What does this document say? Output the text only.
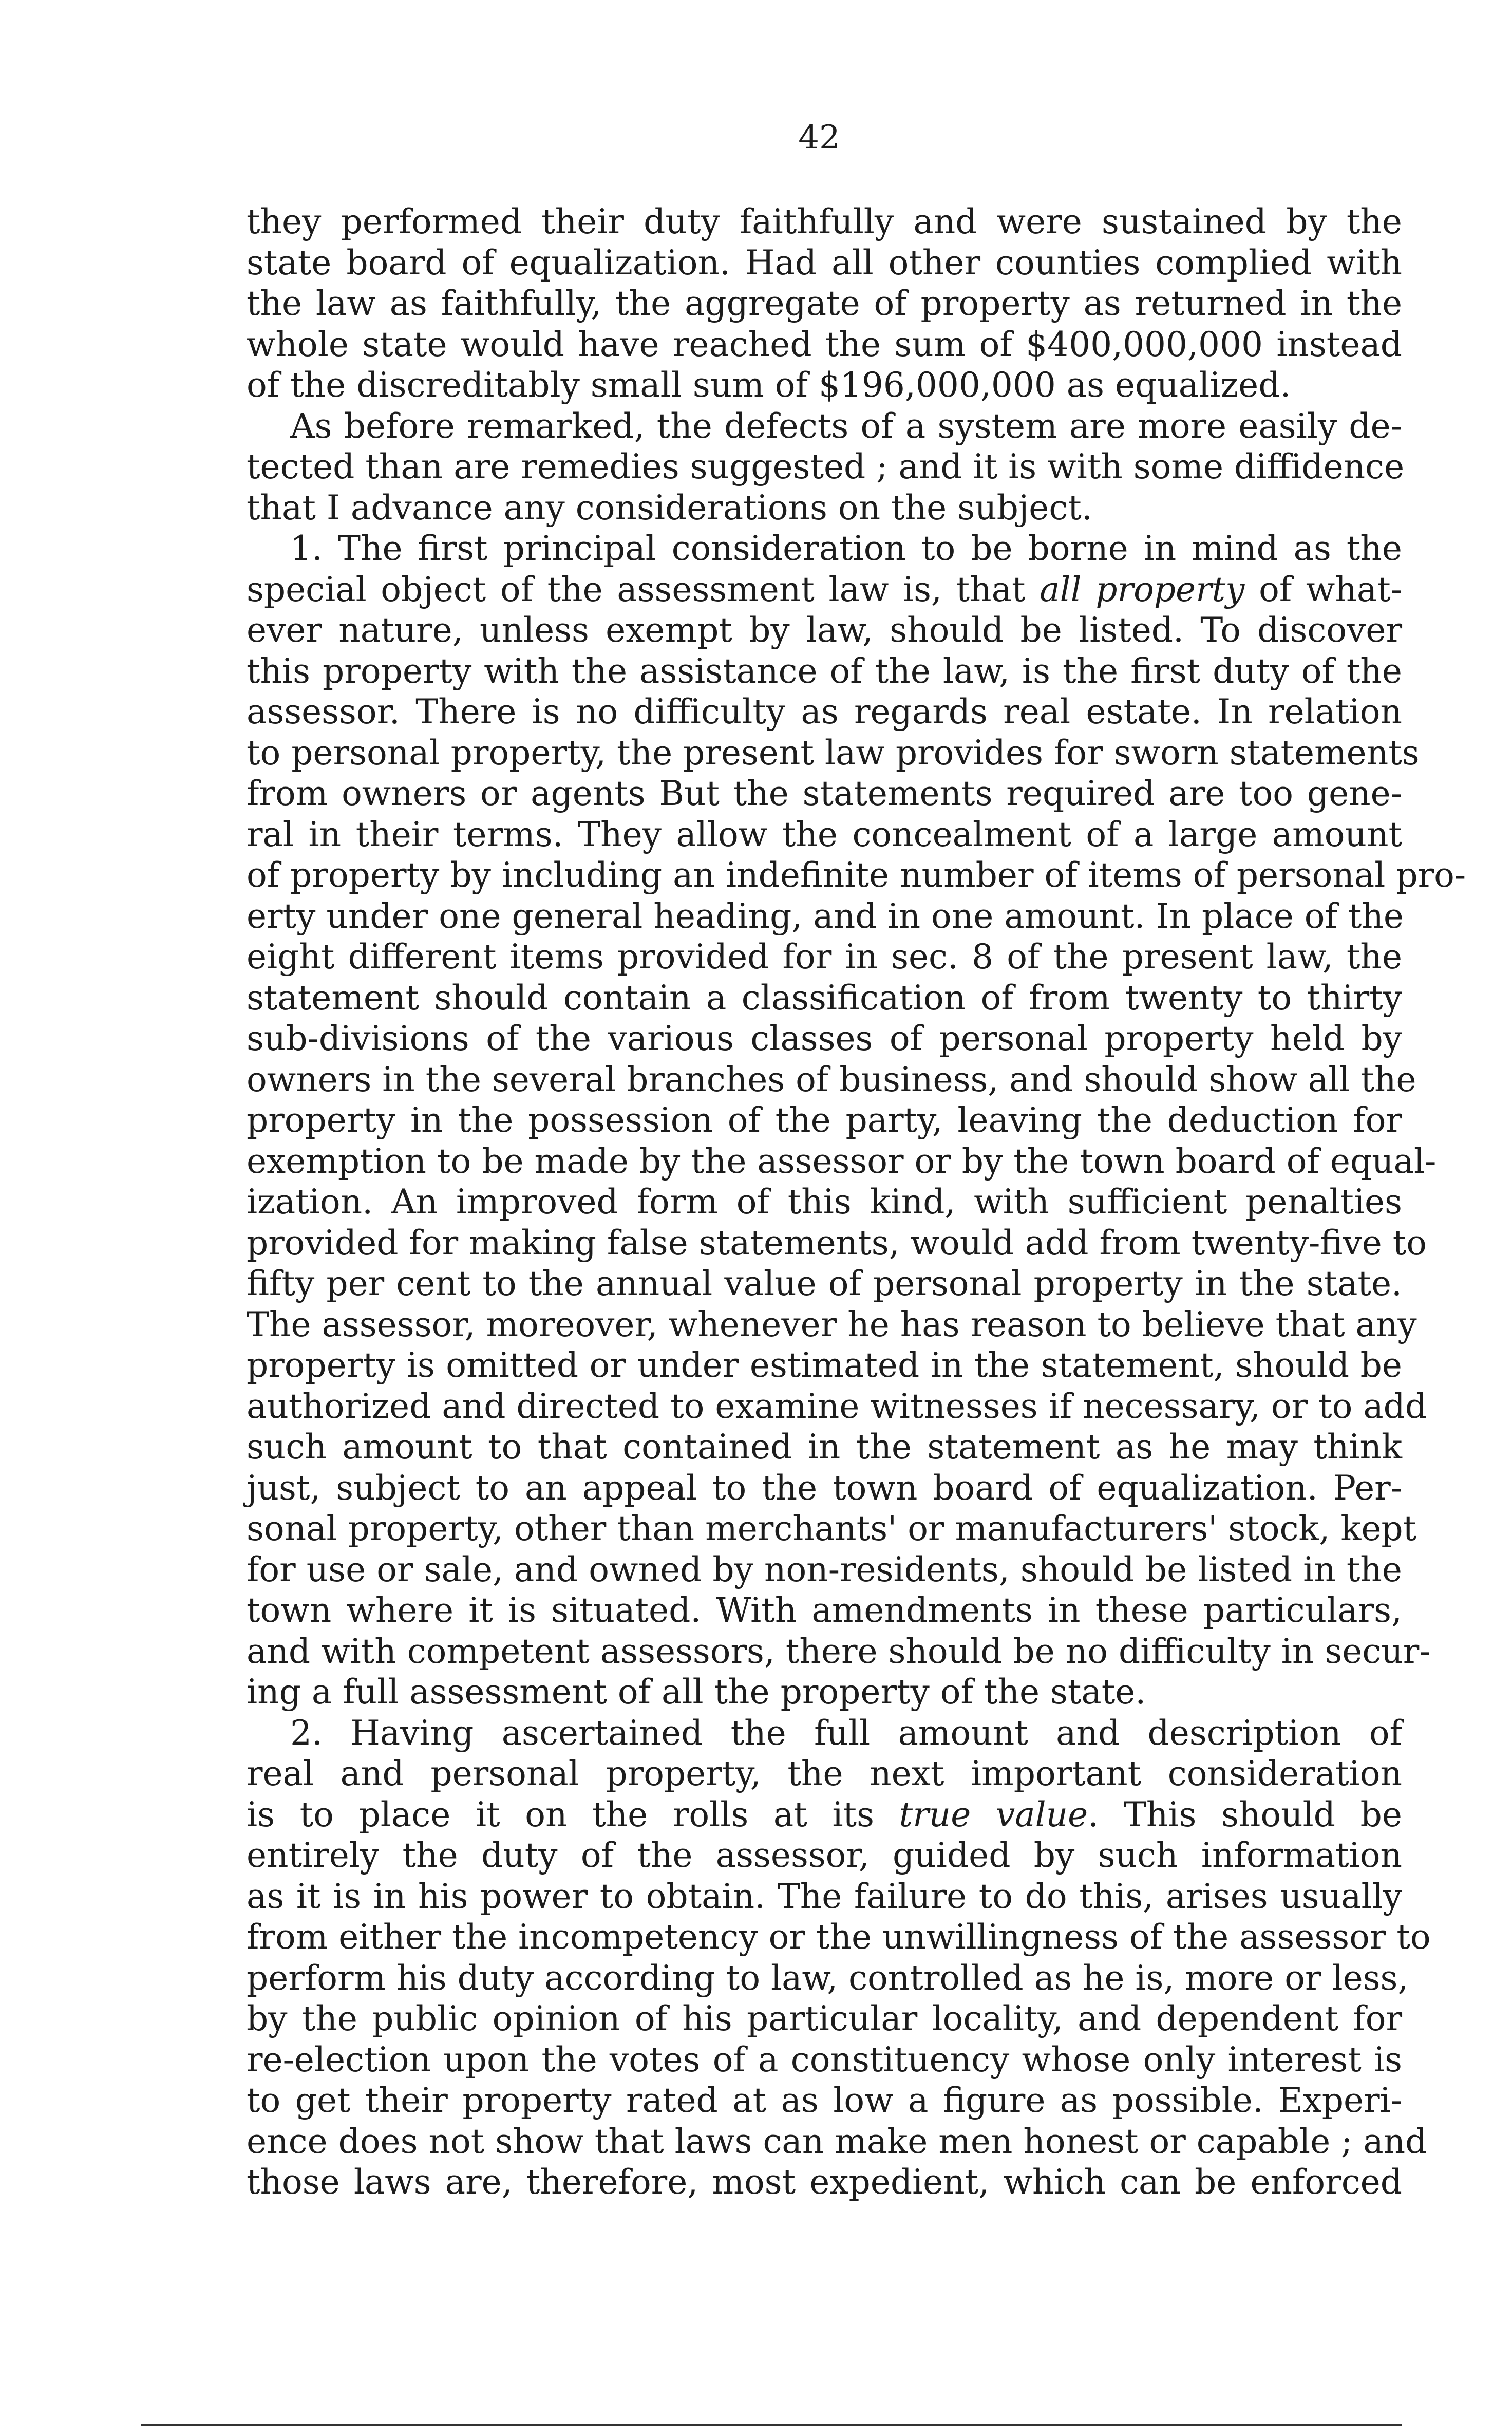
42
they performed their duty faithfully and were sustained by the
state board of equalization. Had all other counties complied with
the law as faithfully, the aggregate of property as returned in the
whole state would have reached the sum of $400,000,000 instead
of the discreditably small sum of $196,000,000 as equalized.
As before remarked, the defects of a system are more easily de-
tected than are remedies suggested ; and it is with some diffidence
that I advance any considerations on the subject.
1. The first principal consideration to be borne in mind as the
special object of the assessment law is, that all property of what-
ever nature, unless exempt by law, should be listed. To discover
this property with the assistance of the law, is the first duty of the
assessor. There is no difficulty as regards real estate. In relation
to personal property, the present law provides for sworn statements
from owners or agents But the statements required are too gene-
ral in their terms. They allow the concealment of a large amount
of property by including an indefinite number of items of personal pro-
erty under one general heading, and in one amount. In place of the
eight different items provided for in sec. 8 of the present law, the
statement should contain a classification of from twenty to thirty
sub-divisions of the various classes of personal property held by
owners in the several branches of business, and should show all the
property in the possession of the party, leaving the deduction for
exemption to be made by the assessor or by the town board of equal-
ization. An improved form of this kind, with sufficient penalties
provided for making false statements, would add from twenty-five to
fifty per cent to the annual value of personal property in the state.
The assessor, moreover, whenever he has reason to believe that any
property is omitted or under estimated in the statement, should be
authorized and directed to examine witnesses if necessary, or to add
such amount to that contained in the statement as he may think
just, subject to an appeal to the town board of equalization. Per-
sonal property, other than merchants' or manufacturers' stock, kept
for use or sale, and owned by non-residents, should be listed in the
town where it is situated. With amendments in these particulars,
and with competent assessors, there should be no difficulty in secur-
ing a full assessment of all the property of the state.
2. Having ascertained the full amount and description of
real and personal property, the next important consideration
is to place it on the rolls at its true value. This should be
entirely the duty of the assessor, guided by such information
as it is in his power to obtain. The failure to do this, arises usually
from either the incompetency or the unwillingness of the assessor to
perform his duty according to law, controlled as he is, more or less,
by the public opinion of his particular locality, and dependent for
re-election upon the votes of a constituency whose only interest is
to get their property rated at as low a figure as possible. Experi-
ence does not show that laws can make men honest or capable ; and
those laws are, therefore, most expedient, which can be enforced
